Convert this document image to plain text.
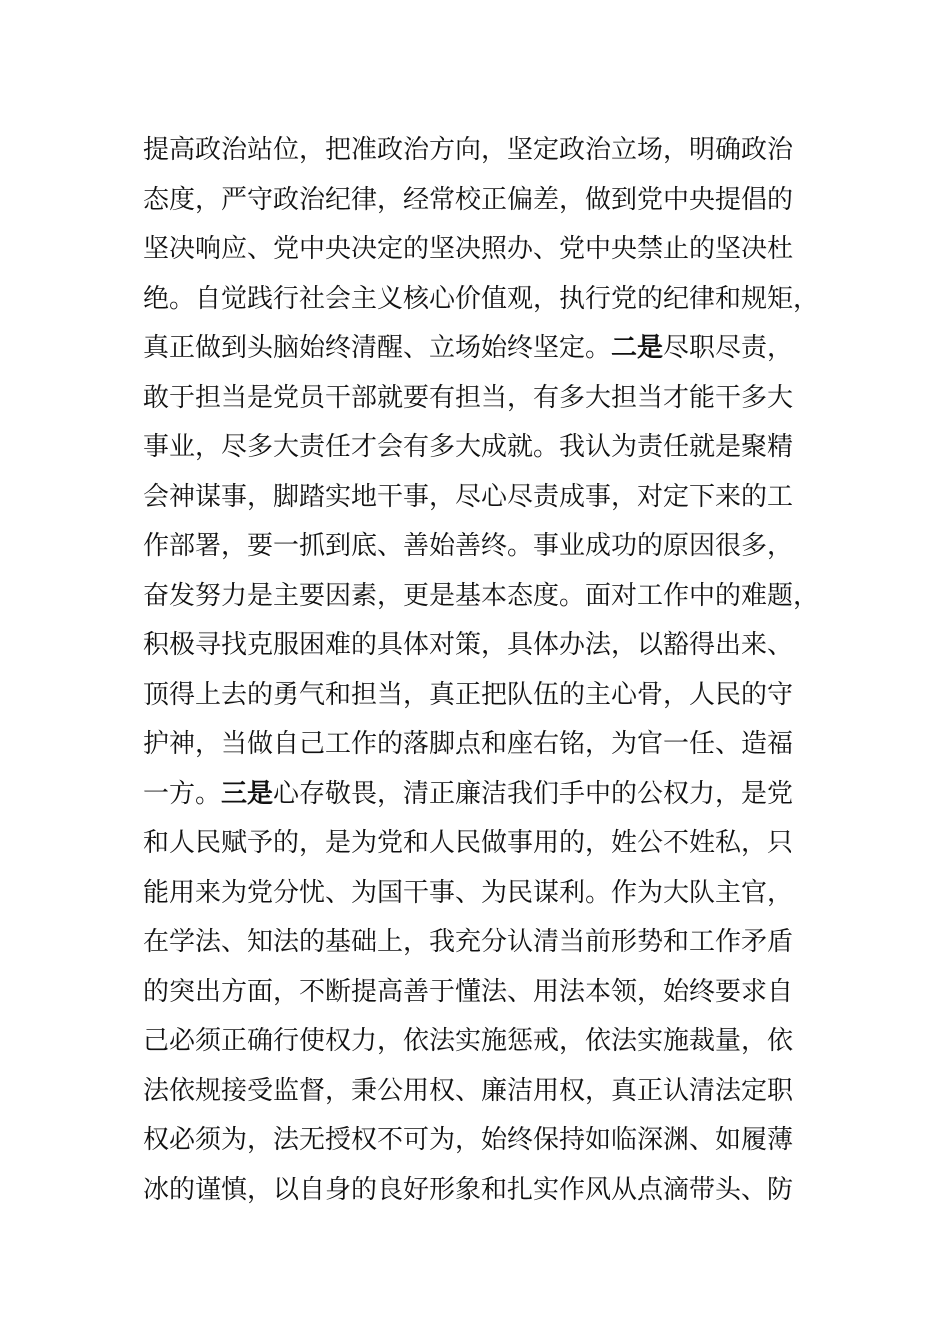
提高政治站位，把准政治方向，坚定政治立场，明确政治
态度，严守政治纪律，经常校正偏差，做到党中央提倡的
坚决响应、党中央决定的坚决照办、党中央禁止的坚决杜
绝。自觉践行社会主义核心价值观，执行党的纪律和规矩，
真正做到头脑始终清醒、立场始终坚定。二是尽职尽责，
敢于担当是党员干部就要有担当，有多大担当才能干多大
事业，尽多大责任才会有多大成就。我认为责任就是聚精
会神谋事，脚踏实地干事，尽心尽责成事，对定下来的工
作部署，要一抓到底、善始善终。事业成功的原因很多，
奋发努力是主要因素，更是基本态度。面对工作中的难题，
积极寻找克服困难的具体对策，具体办法，以豁得出来、
顶得上去的勇气和担当，真正把队伍的主心骨，人民的守
护神，当做自己工作的落脚点和座右铭，为官一任、造福
一方。三是心存敬畏，清正廉洁我们手中的公权力，是党
和人民赋予的，是为党和人民做事用的，姓公不姓私，只
能用来为党分忧、为国干事、为民谋利。作为大队主官，
在学法、知法的基础上，我充分认清当前形势和工作矛盾
的突出方面，不断提高善于懂法、用法本领，始终要求自
己必须正确行使权力，依法实施惩戒，依法实施裁量，依
法依规接受监督，秉公用权、廉洁用权，真正认清法定职
权必须为，法无授权不可为，始终保持如临深渊、如履薄
冰的谨慎，以自身的良好形象和扎实作风从点滴带头、防
